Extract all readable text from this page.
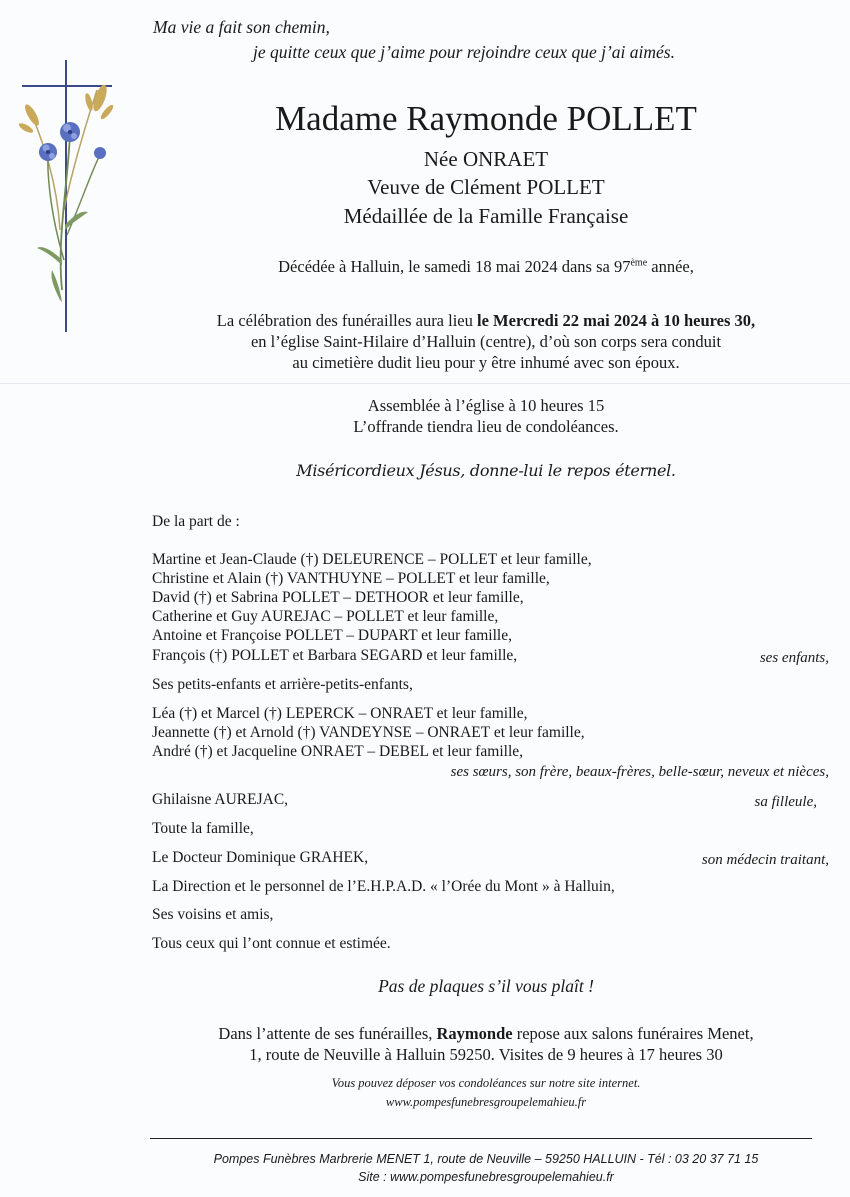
Ma vie a fait son chemin,
je quitte ceux que j’aime pour rejoindre ceux que j’ai aimés.
Madame Raymonde POLLET
Née ONRAET
Veuve de Clément POLLET
Médaillée de la Famille Française
Décédée à Halluin, le samedi 18 mai 2024 dans sa 97ème année,
La célébration des funérailles aura lieu le Mercredi 22 mai 2024 à 10 heures 30,
en l’église Saint-Hilaire d’Halluin (centre), d’où son corps sera conduit
au cimetière dudit lieu pour y être inhumé avec son époux.
Assemblée à l’église à 10 heures 15
L’offrande tiendra lieu de condoléances.
Miséricordieux Jésus, donne-lui le repos éternel.
De la part de :
Martine et Jean-Claude (†) DELEURENCE – POLLET et leur famille,
Christine et Alain (†) VANTHUYNE – POLLET et leur famille,
David (†) et Sabrina POLLET – DETHOOR et leur famille,
Catherine et Guy AUREJAC – POLLET et leur famille,
Antoine et Françoise POLLET – DUPART et leur famille,
François (†) POLLET et Barbara SEGARD et leur famille,	ses enfants,
Ses petits-enfants et arrière-petits-enfants,
Léa (†) et Marcel (†) LEPERCK – ONRAET et leur famille,
Jeannette (†) et Arnold (†) VANDEYNSE – ONRAET et leur famille,
André (†) et Jacqueline ONRAET – DEBEL et leur famille,
ses sœurs, son frère, beaux-frères, belle-sœur, neveux et nièces,
Ghilaisne AUREJAC,	sa filleule,
Toute la famille,
Le Docteur Dominique GRAHEK,	son médecin traitant,
La Direction et le personnel de l’E.H.P.A.D. « l’Orée du Mont » à Halluin,
Ses voisins et amis,
Tous ceux qui l’ont connue et estimée.
Pas de plaques s’il vous plaît !
Dans l’attente de ses funérailles, Raymonde repose aux salons funéraires Menet,
1, route de Neuville à Halluin 59250. Visites de 9 heures à 17 heures 30
Vous pouvez déposer vos condoléances sur notre site internet.
www.pompesfunebresgroupelemahieu.fr
Pompes Funèbres Marbrerie MENET 1, route de Neuville – 59250 HALLUIN - Tél : 03 20 37 71 15
Site : www.pompesfunebresgroupelemahieu.fr
